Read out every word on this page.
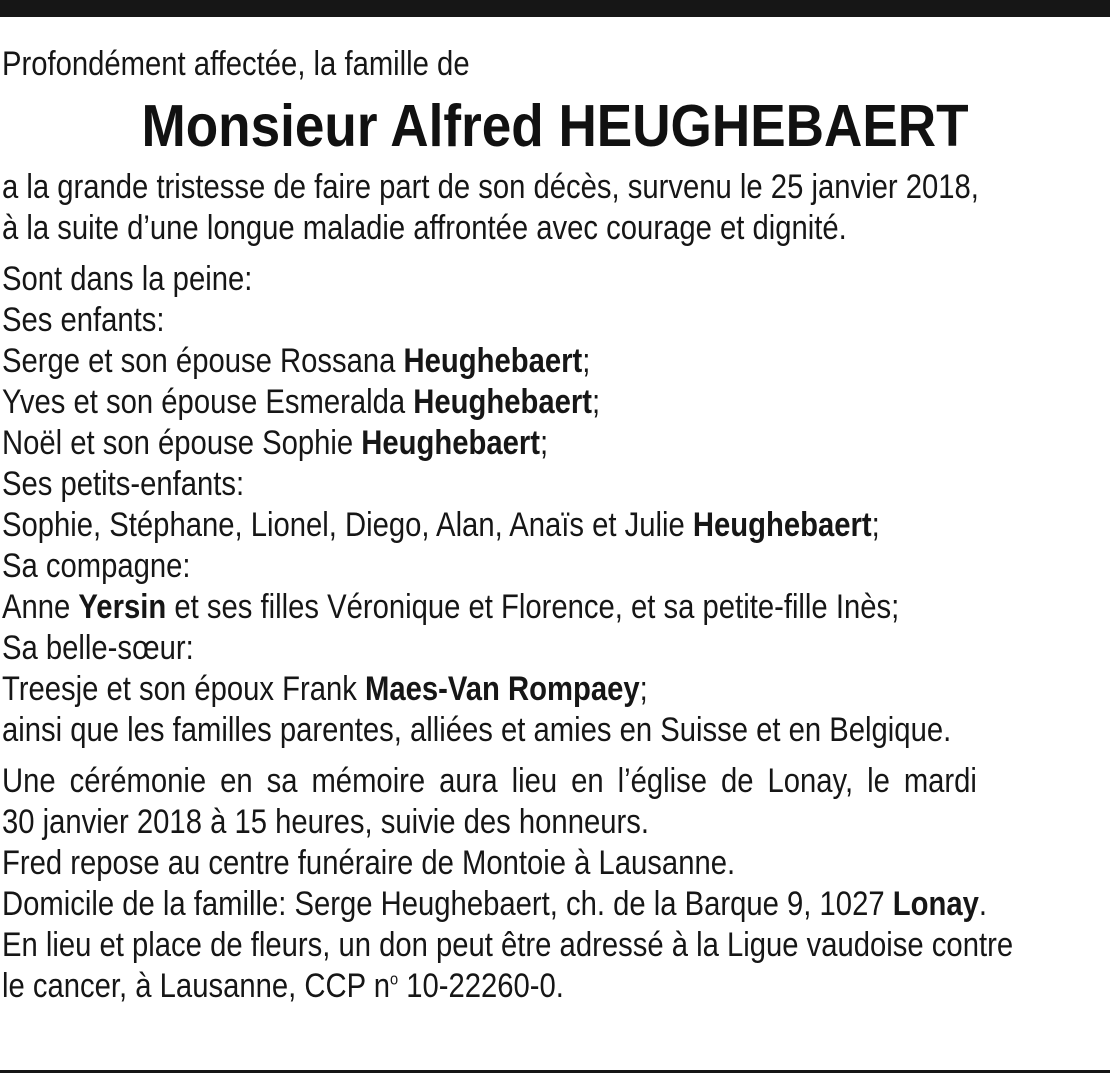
Profondément affectée, la famille de
Monsieur Alfred HEUGHEBAERT
a la grande tristesse de faire part de son décès, survenu le 25 janvier 2018,
à la suite d’une longue maladie affrontée avec courage et dignité.
Sont dans la peine:
Ses enfants:
Serge et son épouse Rossana Heughebaert;
Yves et son épouse Esmeralda Heughebaert;
Noël et son épouse Sophie Heughebaert;
Ses petits-enfants:
Sophie, Stéphane, Lionel, Diego, Alan, Anaïs et Julie Heughebaert;
Sa compagne:
Anne Yersin et ses filles Véronique et Florence, et sa petite-fille Inès;
Sa belle-sœur:
Treesje et son époux Frank Maes-Van Rompaey;
ainsi que les familles parentes, alliées et amies en Suisse et en Belgique.
Une cérémonie en sa mémoire aura lieu en l’église de Lonay, le mardi
30 janvier 2018 à 15 heures, suivie des honneurs.
Fred repose au centre funéraire de Montoie à Lausanne.
Domicile de la famille: Serge Heughebaert, ch. de la Barque 9, 1027 Lonay.
En lieu et place de fleurs, un don peut être adressé à la Ligue vaudoise contre
le cancer, à Lausanne, CCP $n^o$ 10-22260-0.
